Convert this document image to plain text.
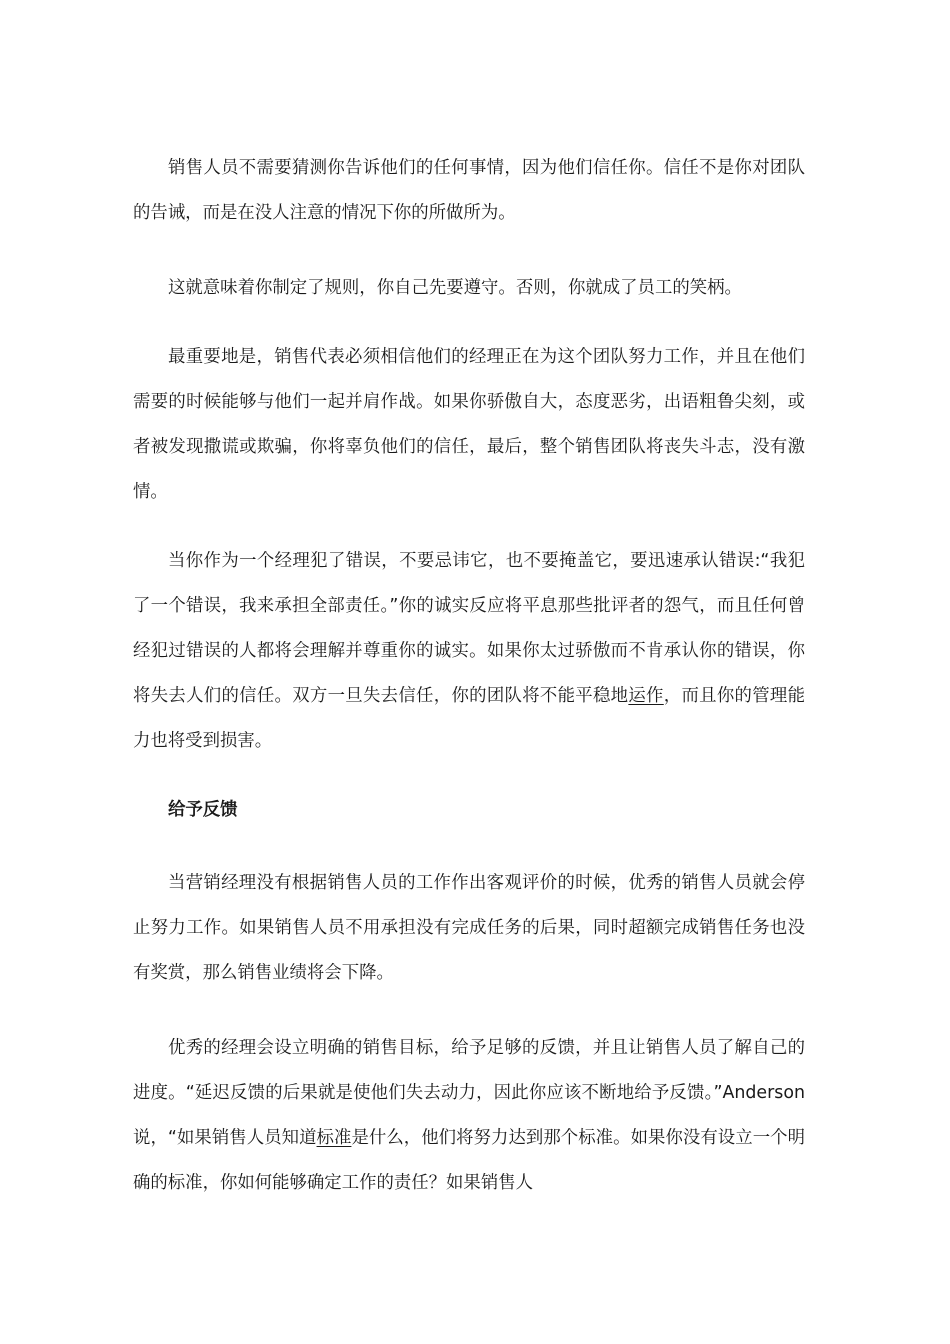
销售人员不需要猜测你告诉他们的任何事情，因为他们信任你。信任不是你对团队的告诫，而是在没人注意的情况下你的所做所为。

这就意味着你制定了规则，你自己先要遵守。否则，你就成了员工的笑柄。

最重要地是，销售代表必须相信他们的经理正在为这个团队努力工作，并且在他们需要的时候能够与他们一起并肩作战。如果你骄傲自大，态度恶劣，出语粗鲁尖刻，或者被发现撒谎或欺骗，你将辜负他们的信任，最后，整个销售团队将丧失斗志，没有激情。

当你作为一个经理犯了错误，不要忌讳它，也不要掩盖它，要迅速承认错误:“我犯了一个错误，我来承担全部责任。”你的诚实反应将平息那些批评者的怨气，而且任何曾经犯过错误的人都将会理解并尊重你的诚实。如果你太过骄傲而不肯承认你的错误，你将失去人们的信任。双方一旦失去信任，你的团队将不能平稳地运作，而且你的管理能力也将受到损害。

给予反馈

当营销经理没有根据销售人员的工作作出客观评价的时候，优秀的销售人员就会停止努力工作。如果销售人员不用承担没有完成任务的后果，同时超额完成销售任务也没有奖赏，那么销售业绩将会下降。

优秀的经理会设立明确的销售目标，给予足够的反馈，并且让销售人员了解自己的进度。“延迟反馈的后果就是使他们失去动力，因此你应该不断地给予反馈。”Anderson 说，“如果销售人员知道标准是什么，他们将努力达到那个标准。如果你没有设立一个明确的标准，你如何能够确定工作的责任？如果销售人
